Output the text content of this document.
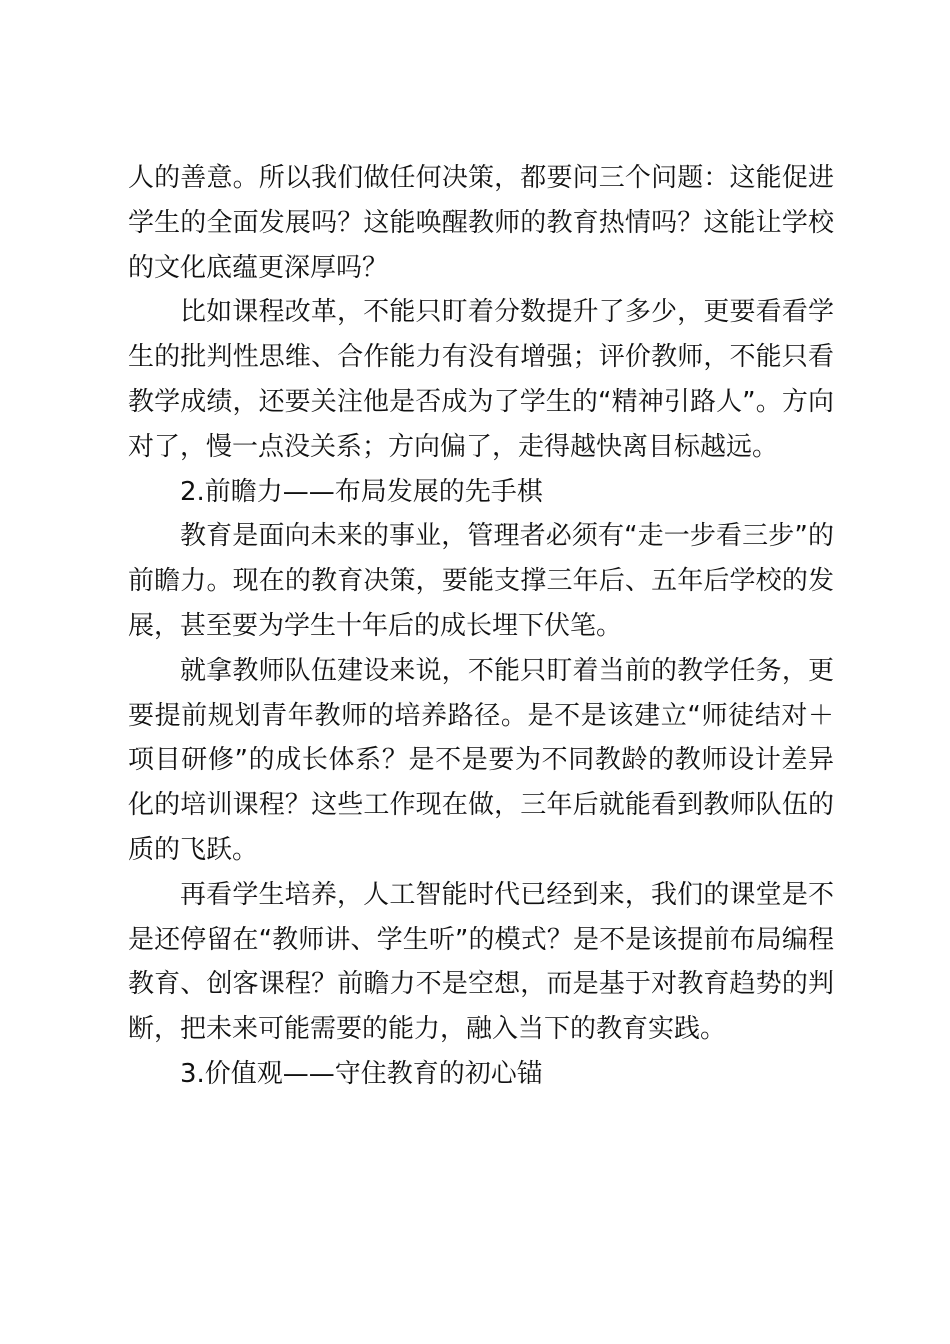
人的善意。所以我们做任何决策，都要问三个问题：这能促进学生的全面发展吗？这能唤醒教师的教育热情吗？这能让学校的文化底蕴更深厚吗？

比如课程改革，不能只盯着分数提升了多少，更要看看学生的批判性思维、合作能力有没有增强；评价教师，不能只看教学成绩，还要关注他是否成为了学生的“精神引路人”。方向对了，慢一点没关系；方向偏了，走得越快离目标越远。

2.前瞻力——布局发展的先手棋

教育是面向未来的事业，管理者必须有“走一步看三步”的前瞻力。现在的教育决策，要能支撑三年后、五年后学校的发展，甚至要为学生十年后的成长埋下伏笔。

就拿教师队伍建设来说，不能只盯着当前的教学任务，更要提前规划青年教师的培养路径。是不是该建立“师徒结对＋项目研修”的成长体系？是不是要为不同教龄的教师设计差异化的培训课程？这些工作现在做，三年后就能看到教师队伍的质的飞跃。

再看学生培养，人工智能时代已经到来，我们的课堂是不是还停留在“教师讲、学生听”的模式？是不是该提前布局编程教育、创客课程？前瞻力不是空想，而是基于对教育趋势的判断，把未来可能需要的能力，融入当下的教育实践。

3.价值观——守住教育的初心锚
